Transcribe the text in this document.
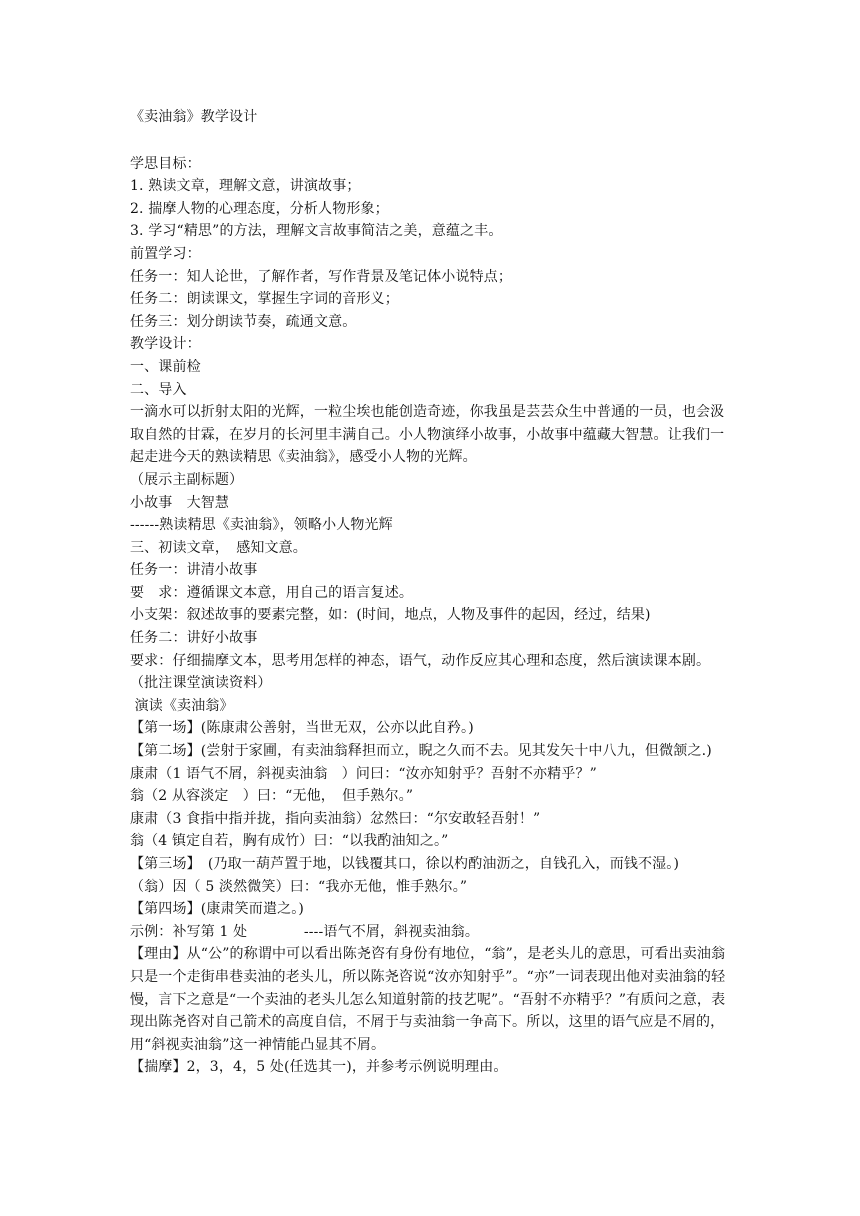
《卖油翁》教学设计

学思目标：

1. 熟读文章，理解文意，讲演故事；

2. 揣摩人物的心理态度，分析人物形象；

3. 学习“精思”的方法，理解文言故事简洁之美，意蕴之丰。

前置学习：

任务一：知人论世，了解作者，写作背景及笔记体小说特点；

任务二：朗读课文，掌握生字词的音形义；

任务三：划分朗读节奏，疏通文意。

教学设计：

一、课前检

二、导入

一滴水可以折射太阳的光辉，一粒尘埃也能创造奇迹，你我虽是芸芸众生中普通的一员，也会汲取自然的甘霖，在岁月的长河里丰满自己。小人物演绎小故事，小故事中蕴藏大智慧。让我们一起走进今天的熟读精思《卖油翁》，感受小人物的光辉。

（展示主副标题）

小故事　大智慧

------熟读精思《卖油翁》，领略小人物光辉

三、初读文章，　感知文意。

任务一：讲清小故事

要　求：遵循课文本意，用自己的语言复述。

小支架：叙述故事的要素完整，如：(时间，地点，人物及事件的起因，经过，结果)

任务二：讲好小故事

要求：仔细揣摩文本，思考用怎样的神态，语气，动作反应其心理和态度，然后演读课本剧。

（批注课堂演读资料）

演读《卖油翁》

【第一场】(陈康肃公善射，当世无双，公亦以此自矜。)

【第二场】(尝射于家圃，有卖油翁释担而立，睨之久而不去。见其发矢十中八九，但微颔之.)

康肃（1 语气不屑，斜视卖油翁　）问曰：“汝亦知射乎？吾射不亦精乎？”

翁（2 从容淡定　）曰：“无他，　但手熟尔。”

康肃（3 食指中指并拢，指向卖油翁）忿然曰：“尔安敢轻吾射！”

翁（4 镇定自若，胸有成竹）曰：“以我酌油知之。”

【第三场】　(乃取一葫芦置于地，以钱覆其口，徐以杓酌油沥之，自钱孔入，而钱不湿。)

（翁）因（ 5 淡然微笑）曰：“我亦无他，惟手熟尔。”

【第四场】(康肃笑而遣之。)

示例：补写第 1 处　　　　----语气不屑，斜视卖油翁。

【理由】从“公”的称谓中可以看出陈尧咨有身份有地位，“翁”，是老头儿的意思，可看出卖油翁只是一个走街串巷卖油的老头儿，所以陈尧咨说“汝亦知射乎”。“亦”一词表现出他对卖油翁的轻慢，言下之意是“一个卖油的老头儿怎么知道射箭的技艺呢”。“吾射不亦精乎？”有质问之意，表现出陈尧咨对自己箭术的高度自信，不屑于与卖油翁一争高下。所以，这里的语气应是不屑的，用“斜视卖油翁”这一神情能凸显其不屑。

【揣摩】2，3，4，5 处(任选其一)，并参考示例说明理由。
